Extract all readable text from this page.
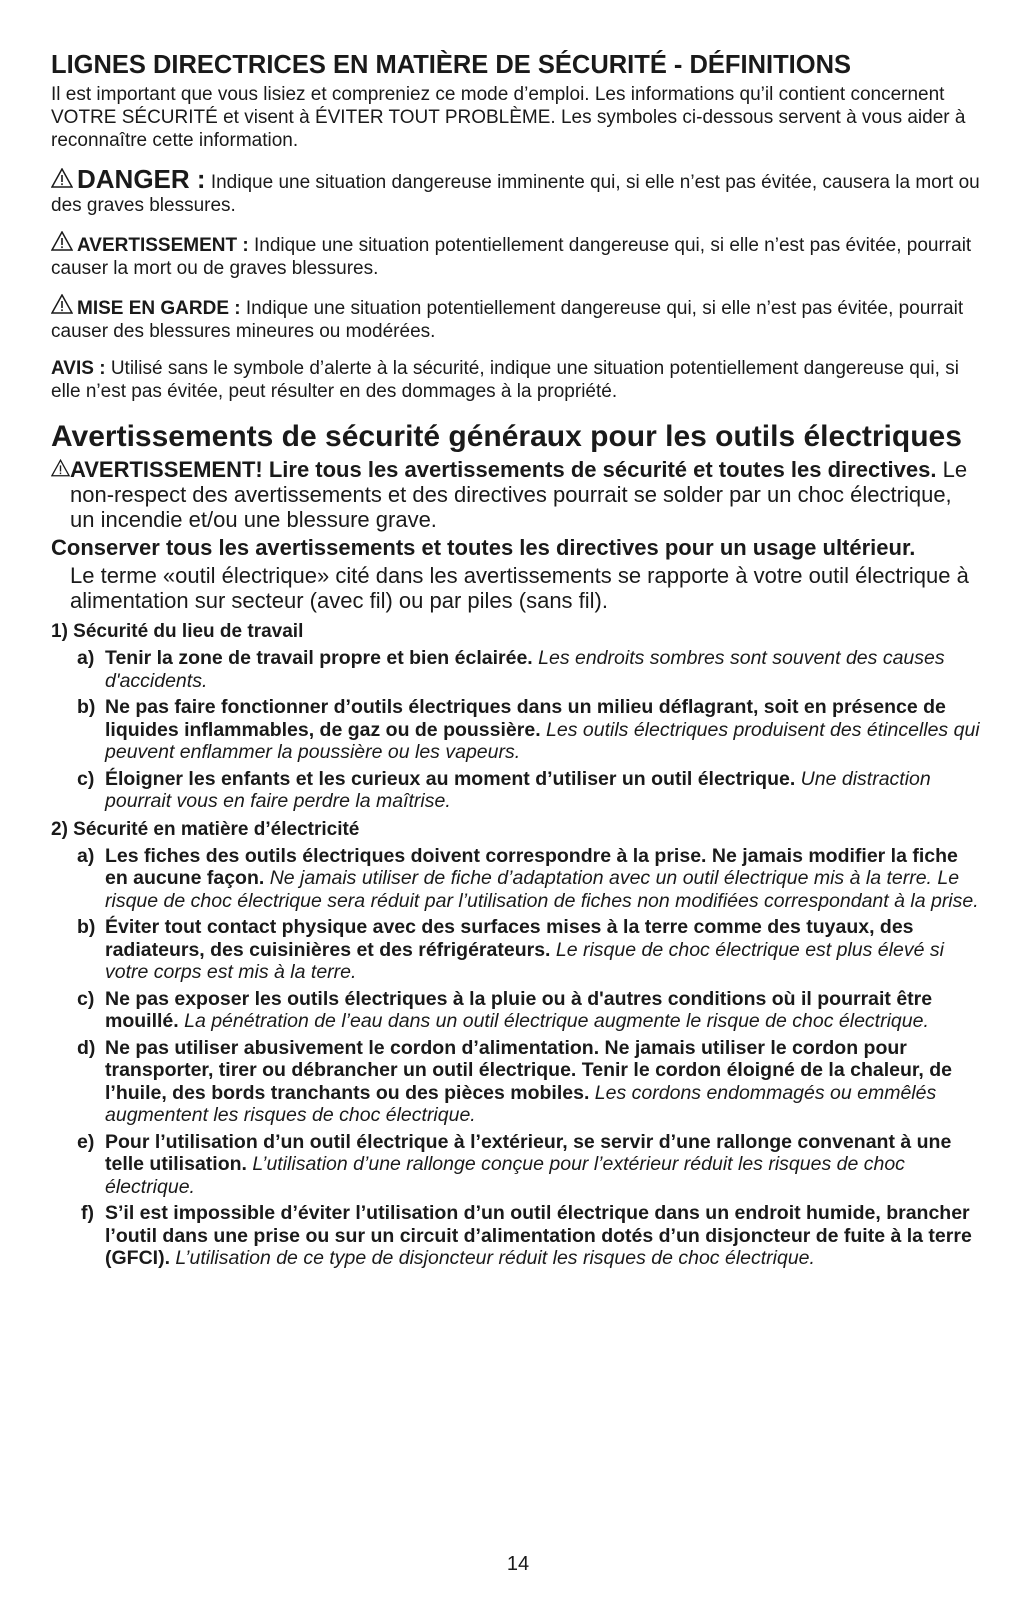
LIGNES DIRECTRICES EN MATIÈRE DE SÉCURITÉ - DÉFINITIONS

Il est important que vous lisiez et compreniez ce mode d’emploi. Les informations qu’il contient concernent VOTRE SÉCURITÉ et visent à ÉVITER TOUT PROBLÈME. Les symboles ci-dessous servent à vous aider à reconnaître cette information.

DANGER : Indique une situation dangereuse imminente qui, si elle n’est pas évitée, causera la mort ou des graves blessures.

AVERTISSEMENT : Indique une situation potentiellement dangereuse qui, si elle n’est pas évitée, pourrait causer la mort ou de graves blessures.

MISE EN GARDE : Indique une situation potentiellement dangereuse qui, si elle n’est pas évitée, pourrait causer des blessures mineures ou modérées.

AVIS : Utilisé sans le symbole d’alerte à la sécurité, indique une situation potentiellement dangereuse qui, si elle n’est pas évitée, peut résulter en des dommages à la propriété.

Avertissements de sécurité généraux pour les outils électriques

AVERTISSEMENT! Lire tous les avertissements de sécurité et toutes les directives. Le non-respect des avertissements et des directives pourrait se solder par un choc électrique, un incendie et/ou une blessure grave.

Conserver tous les avertissements et toutes les directives pour un usage ultérieur.

Le terme «outil électrique» cité dans les avertissements se rapporte à votre outil électrique à alimentation sur secteur (avec fil) ou par piles (sans fil).

1) Sécurité du lieu de travail

a) Tenir la zone de travail propre et bien éclairée. Les endroits sombres sont souvent des causes d'accidents.

b) Ne pas faire fonctionner d’outils électriques dans un milieu déflagrant, soit en présence de liquides inflammables, de gaz ou de poussière. Les outils électriques produisent des étincelles qui peuvent enflammer la poussière ou les vapeurs.

c) Éloigner les enfants et les curieux au moment d’utiliser un outil électrique. Une distraction pourrait vous en faire perdre la maîtrise.

2) Sécurité en matière d’électricité

a) Les fiches des outils électriques doivent correspondre à la prise. Ne jamais modifier la fiche en aucune façon. Ne jamais utiliser de fiche d’adaptation avec un outil électrique mis à la terre. Le risque de choc électrique sera réduit par l’utilisation de fiches non modifiées correspondant à la prise.

b) Éviter tout contact physique avec des surfaces mises à la terre comme des tuyaux, des radiateurs, des cuisinières et des réfrigérateurs. Le risque de choc électrique est plus élevé si votre corps est mis à la terre.

c) Ne pas exposer les outils électriques à la pluie ou à d'autres conditions où il pourrait être mouillé. La pénétration de l’eau dans un outil électrique augmente le risque de choc électrique.

d) Ne pas utiliser abusivement le cordon d’alimentation. Ne jamais utiliser le cordon pour transporter, tirer ou débrancher un outil électrique. Tenir le cordon éloigné de la chaleur, de l’huile, des bords tranchants ou des pièces mobiles. Les cordons endommagés ou emmêlés augmentent les risques de choc électrique.

e) Pour l’utilisation d’un outil électrique à l’extérieur, se servir d’une rallonge convenant à une telle utilisation. L’utilisation d’une rallonge conçue pour l’extérieur réduit les risques de choc électrique.

f) S’il est impossible d’éviter l’utilisation d’un outil électrique dans un endroit humide, brancher l’outil dans une prise ou sur un circuit d’alimentation dotés d’un disjoncteur de fuite à la terre (GFCI). L’utilisation de ce type de disjoncteur réduit les risques de choc électrique.

14
